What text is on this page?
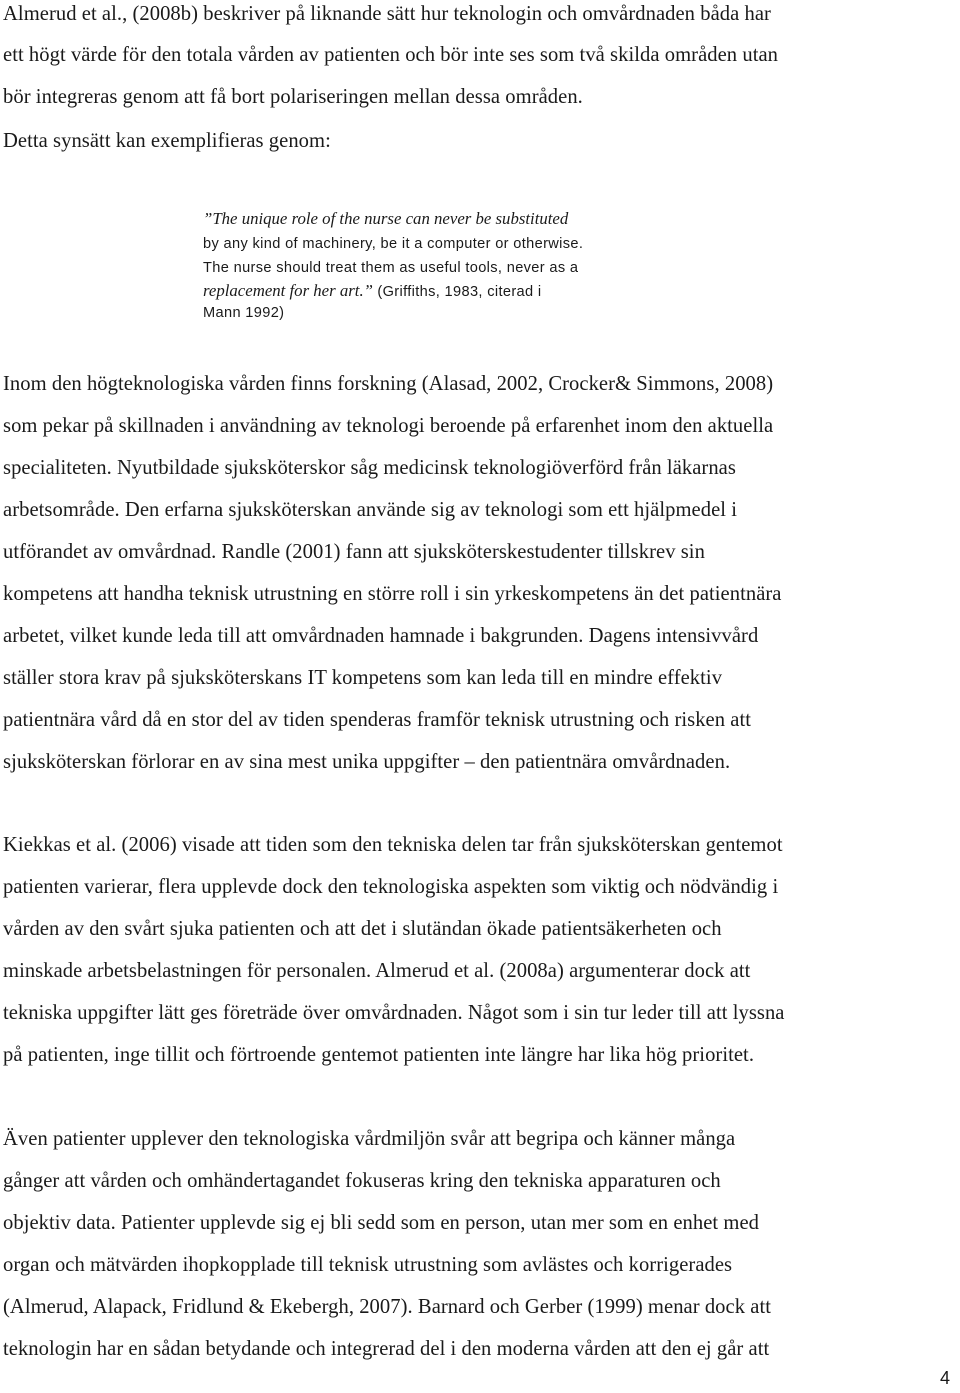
Almerud et al., (2008b) beskriver på liknande sätt hur teknologin och omvårdnaden båda har
ett högt värde för den totala vården av patienten och bör inte ses som två skilda områden utan
bör integreras genom att få bort polariseringen mellan dessa områden.
Detta synsätt kan exemplifieras genom:
”The unique role of the nurse can never be substituted
by any kind of machinery, be it a computer or otherwise.
The nurse should treat them as useful tools, never as a
replacement for her art.” (Griffiths, 1983, citerad i
Mann 1992)
Inom den högteknologiska vården finns forskning (Alasad, 2002, Crocker& Simmons, 2008)
som pekar på skillnaden i användning av teknologi beroende på erfarenhet inom den aktuella
specialiteten. Nyutbildade sjuksköterskor såg medicinsk teknologiöverförd från läkarnas
arbetsområde. Den erfarna sjuksköterskan använde sig av teknologi som ett hjälpmedel i
utförandet av omvårdnad. Randle (2001) fann att sjuksköterskestudenter tillskrev sin
kompetens att handha teknisk utrustning en större roll i sin yrkeskompetens än det patientnära
arbetet, vilket kunde leda till att omvårdnaden hamnade i bakgrunden. Dagens intensivvård
ställer stora krav på sjuksköterskans IT kompetens som kan leda till en mindre effektiv
patientnära vård då en stor del av tiden spenderas framför teknisk utrustning och risken att
sjuksköterskan förlorar en av sina mest unika uppgifter – den patientnära omvårdnaden.
Kiekkas et al. (2006) visade att tiden som den tekniska delen tar från sjuksköterskan gentemot
patienten varierar, flera upplevde dock den teknologiska aspekten som viktig och nödvändig i
vården av den svårt sjuka patienten och att det i slutändan ökade patientsäkerheten och
minskade arbetsbelastningen för personalen. Almerud et al. (2008a) argumenterar dock att
tekniska uppgifter lätt ges företräde över omvårdnaden. Något som i sin tur leder till att lyssna
på patienten, inge tillit och förtroende gentemot patienten inte längre har lika hög prioritet.
Även patienter upplever den teknologiska vårdmiljön svår att begripa och känner många
gånger att vården och omhändertagandet fokuseras kring den tekniska apparaturen och
objektiv data. Patienter upplevde sig ej bli sedd som en person, utan mer som en enhet med
organ och mätvärden ihopkopplade till teknisk utrustning som avlästes och korrigerades
(Almerud, Alapack, Fridlund & Ekebergh, 2007). Barnard och Gerber (1999) menar dock att
teknologin har en sådan betydande och integrerad del i den moderna vården att den ej går att
4
